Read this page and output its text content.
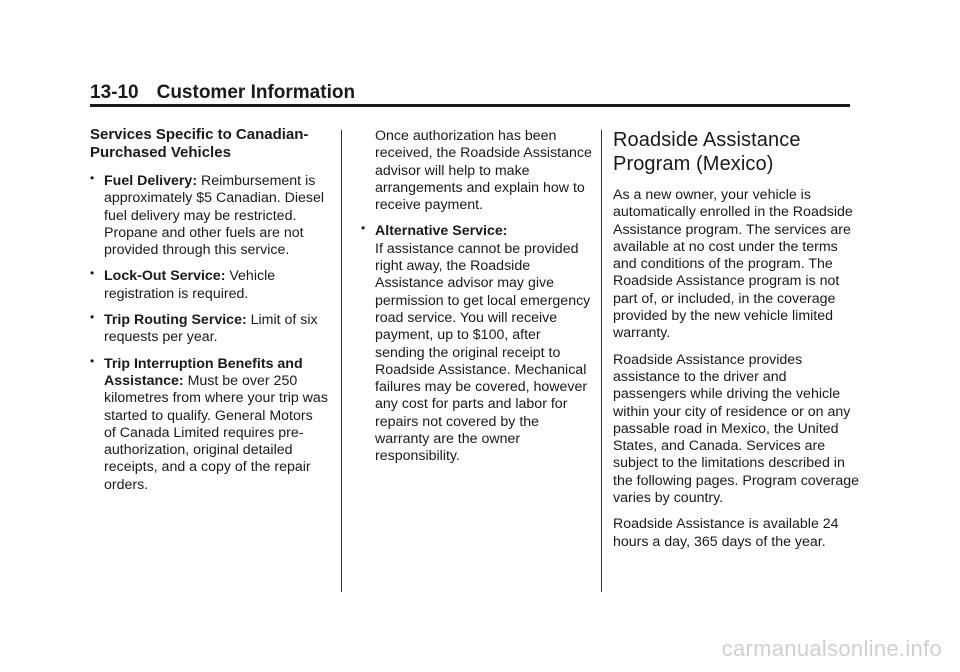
13-10 Customer Information
Services Specific to Canadian-Purchased Vehicles
• Fuel Delivery: Reimbursement is approximately $5 Canadian. Diesel fuel delivery may be restricted. Propane and other fuels are not provided through this service.
• Lock-Out Service: Vehicle registration is required.
• Trip Routing Service: Limit of six requests per year.
• Trip Interruption Benefits and Assistance: Must be over 250 kilometres from where your trip was started to qualify. General Motors of Canada Limited requires pre-authorization, original detailed receipts, and a copy of the repair orders.
Once authorization has been received, the Roadside Assistance advisor will help to make arrangements and explain how to receive payment.
• Alternative Service:
If assistance cannot be provided right away, the Roadside Assistance advisor may give permission to get local emergency road service. You will receive payment, up to $100, after sending the original receipt to Roadside Assistance. Mechanical failures may be covered, however any cost for parts and labor for repairs not covered by the warranty are the owner responsibility.
Roadside Assistance Program (Mexico)

As a new owner, your vehicle is automatically enrolled in the Roadside Assistance program. The services are available at no cost under the terms and conditions of the program. The Roadside Assistance program is not part of, or included, in the coverage provided by the new vehicle limited warranty.

Roadside Assistance provides assistance to the driver and passengers while driving the vehicle within your city of residence or on any passable road in Mexico, the United States, and Canada. Services are subject to the limitations described in the following pages. Program coverage varies by country.

Roadside Assistance is available 24 hours a day, 365 days of the year.

carmanualsonline.info
